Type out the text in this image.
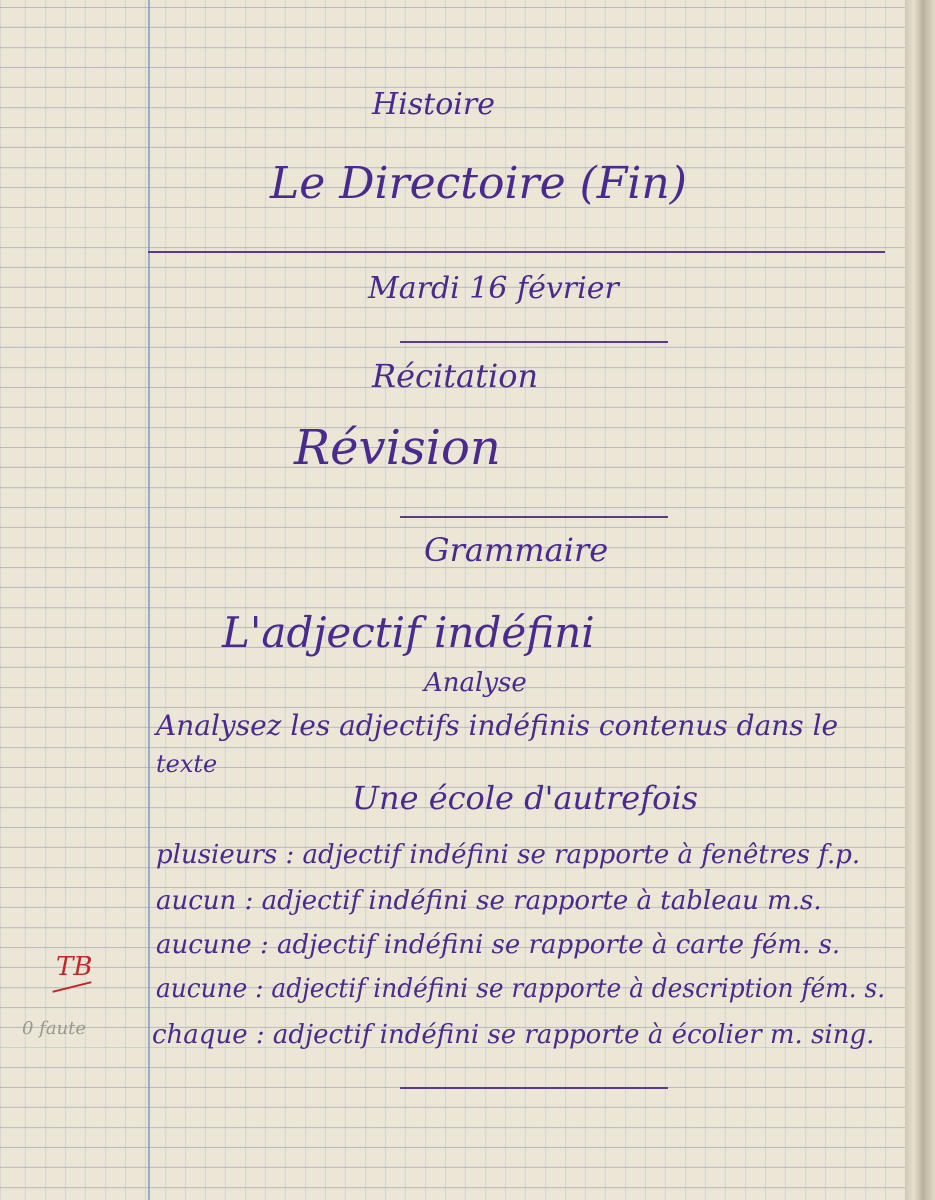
Histoire
Le Directoire (Fin)
Mardi 16 février
Récitation
Révision
Grammaire
L'adjectif indéfini
Analyse
Analysez les adjectifs indéfinis contenus dans le
texte
Une école d'autrefois
plusieurs : adjectif indéfini se rapporte à fenêtres f.p.
aucun : adjectif indéfini se rapporte à tableau m.s.
aucune : adjectif indéfini se rapporte à carte fém. s.
aucune : adjectif indéfini se rapporte à description fém. s.
chaque : adjectif indéfini se rapporte à écolier m. sing.
TB
0 faute
